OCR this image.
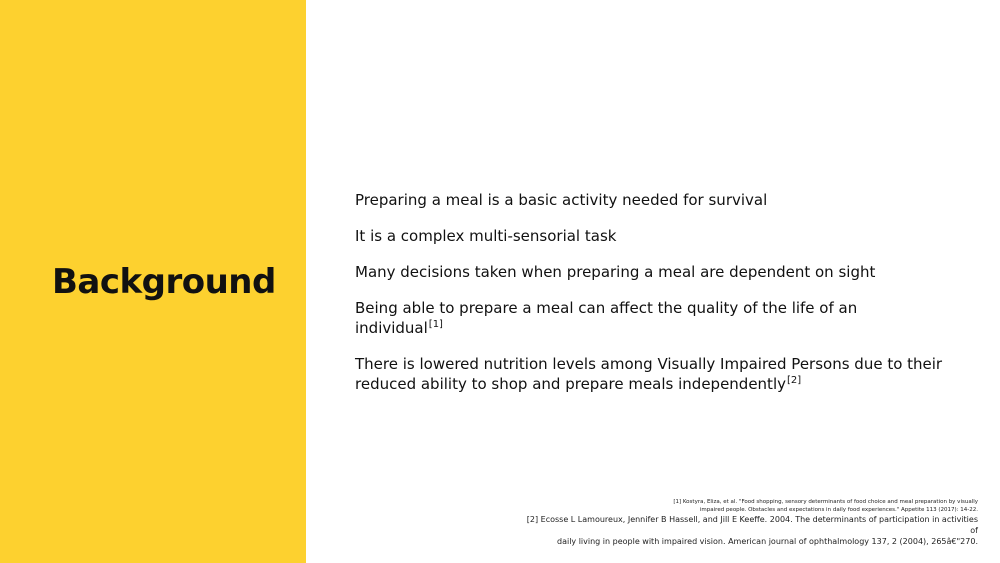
Background
Preparing a meal is a basic activity needed for survival
It is a complex multi-sensorial task
Many decisions taken when preparing a meal are dependent on sight
Being able to prepare a meal can affect the quality of the life of an individual[1]
There is lowered nutrition levels among Visually Impaired Persons due to their reduced ability to shop and prepare meals independently[2]

[1] Kostyra, Eliza, et al. "Food shopping, sensory determinants of food choice and meal preparation by visually

impaired people. Obstacles and expectations in daily food experiences." Appetite 113 (2017): 14-22.

[2] Ecosse L Lamoureux, Jennifer B Hassell, and Jill E Keeffe. 2004. The determinants of participation in activities of

daily living in people with impaired vision. American journal of ophthalmology 137, 2 (2004), 265â€"270.
